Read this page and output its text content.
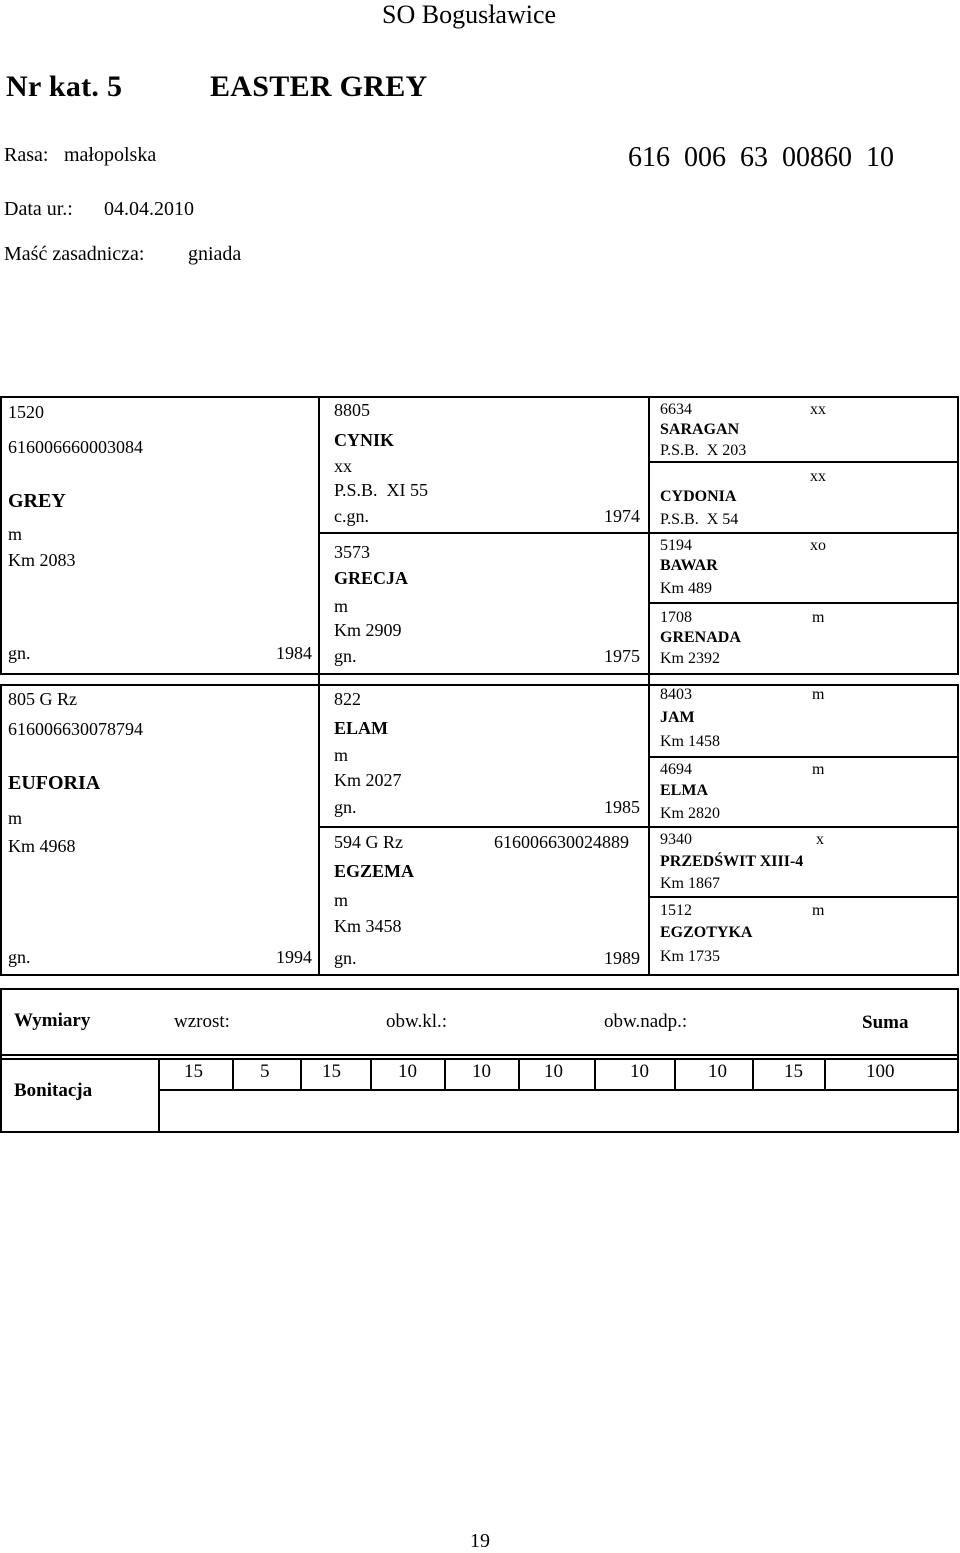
SO Bogusławice
Nr kat. 5	EASTER GREY
Rasa: małopolska	616  006  63  00860  10
Data ur.: 04.04.2010
Maść zasadnicza: gniada
1520
616006660003084
GREY
m
Km 2083
gn.	1984
8805
CYNIK
xx
P.S.B.  XI 55
c.gn.	1974
3573
GRECJA
m
Km 2909
gn.	1975
6634
SARAGAN
P.S.B.  X 203
xx
xx
CYDONIA
P.S.B.  X 54
5194
BAWAR
Km 489
xo
1708
GRENADA
Km 2392
m
805 G Rz
616006630078794
EUFORIA
m
Km 4968
gn.	1994
822
ELAM
m
Km 2027
gn.	1985
594 G Rz	616006630024889
EGZEMA
m
Km 3458
gn.	1989
8403
JAM
Km 1458
m
4694
ELMA
Km 2820
m
9340
PRZEDŚWIT XIII-4
Km 1867
x
1512
EGZOTYKA
Km 1735
m
Wymiary	wzrost:	obw.kl.:	obw.nadp.:	Suma
Bonitacja
15	5	15	10	10	10	10	10	15	100
19
